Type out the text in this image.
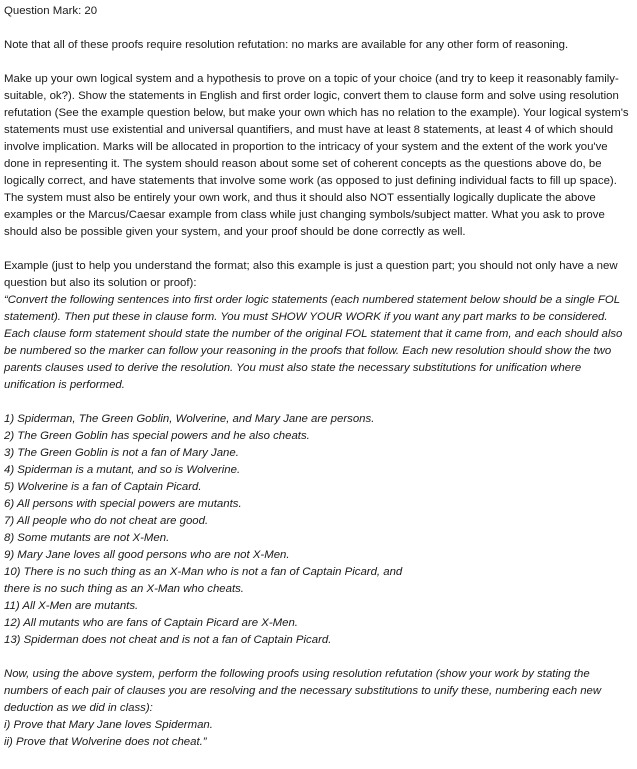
Question Mark: 20

Note that all of these proofs require resolution refutation: no marks are available for any other form of reasoning.

Make up your own logical system and a hypothesis to prove on a topic of your choice (and try to keep it reasonably family-suitable, ok?). Show the statements in English and first order logic, convert them to clause form and solve using resolution refutation (See the example question below, but make your own which has no relation to the example). Your logical system's statements must use existential and universal quantifiers, and must have at least 8 statements, at least 4 of which should involve implication. Marks will be allocated in proportion to the intricacy of your system and the extent of the work you've done in representing it. The system should reason about some set of coherent concepts as the questions above do, be logically correct, and have statements that involve some work (as opposed to just defining individual facts to fill up space). The system must also be entirely your own work, and thus it should also NOT essentially logically duplicate the above examples or the Marcus/Caesar example from class while just changing symbols/subject matter. What you ask to prove should also be possible given your system, and your proof should be done correctly as well.

Example (just to help you understand the format; also this example is just a question part; you should not only have a new question but also its solution or proof):

“Convert the following sentences into first order logic statements (each numbered statement below should be a single FOL statement). Then put these in clause form. You must SHOW YOUR WORK if you want any part marks to be considered. Each clause form statement should state the number of the original FOL statement that it came from, and each should also be numbered so the marker can follow your reasoning in the proofs that follow. Each new resolution should show the two parents clauses used to derive the resolution. You must also state the necessary substitutions for unification where unification is performed.

1) Spiderman, The Green Goblin, Wolverine, and Mary Jane are persons.

2) The Green Goblin has special powers and he also cheats.

3) The Green Goblin is not a fan of Mary Jane.

4) Spiderman is a mutant, and so is Wolverine.

5) Wolverine is a fan of Captain Picard.

6) All persons with special powers are mutants.

7) All people who do not cheat are good.

8) Some mutants are not X-Men.

9) Mary Jane loves all good persons who are not X-Men.

10) There is no such thing as an X-Man who is not a fan of Captain Picard, and

there is no such thing as an X-Man who cheats.

11) All X-Men are mutants.

12) All mutants who are fans of Captain Picard are X-Men.

13) Spiderman does not cheat and is not a fan of Captain Picard.

Now, using the above system, perform the following proofs using resolution refutation (show your work by stating the numbers of each pair of clauses you are resolving and the necessary substitutions to unify these, numbering each new deduction as we did in class):

i) Prove that Mary Jane loves Spiderman.

ii) Prove that Wolverine does not cheat.”
